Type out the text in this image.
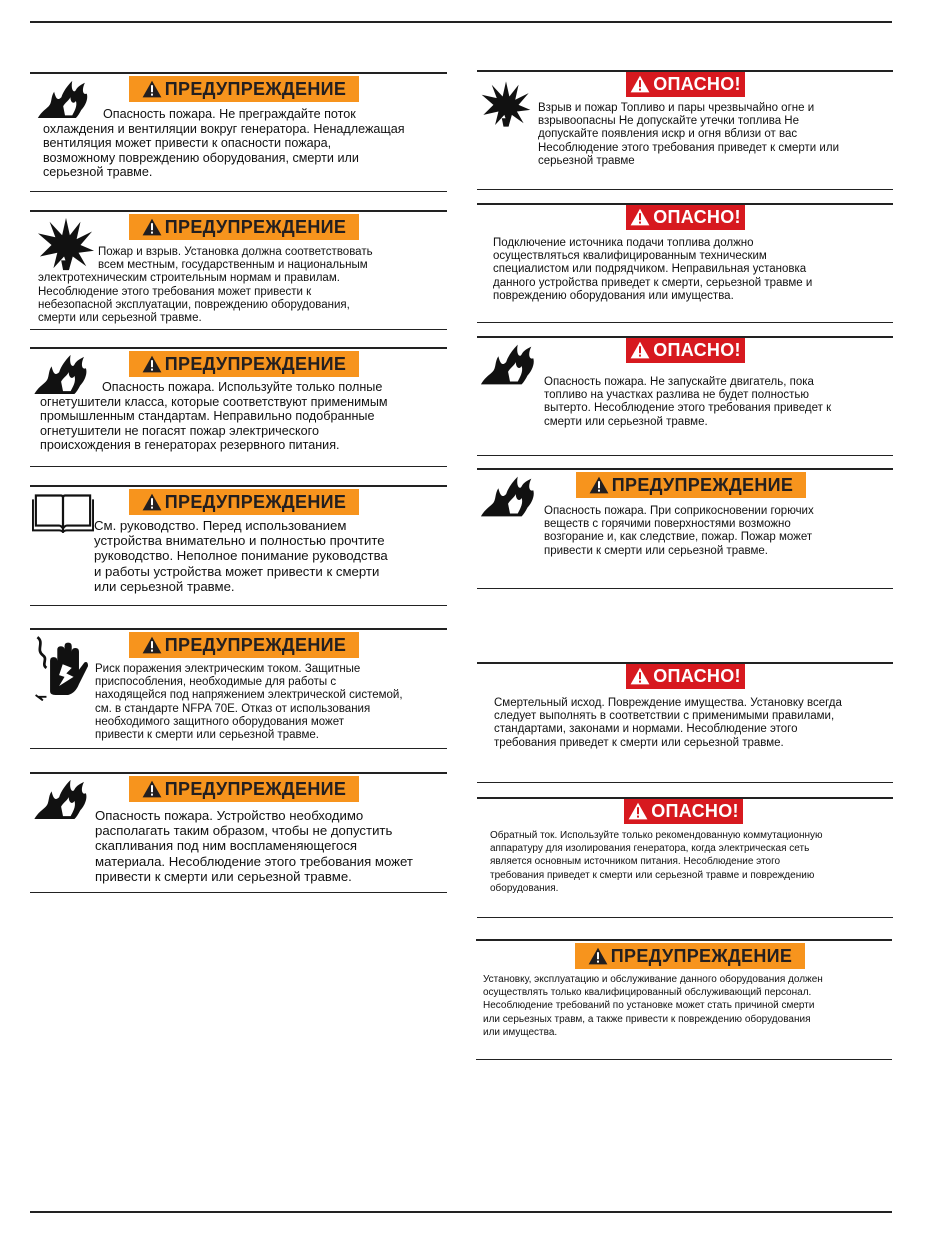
ПРЕДУПРЕЖДЕНИЕ
Опасность пожара. Не преграждайте поток
охлаждения и вентиляции вокруг генератора. Ненадлежащая
вентиляция может привести к опасности пожара,
возможному повреждению оборудования, смерти или
серьезной травме.
ПРЕДУПРЕЖДЕНИЕ
Пожар и взрыв. Установка должна соответствовать
всем местным, государственным и национальным
электротехническим строительным нормам и правилам.
Несоблюдение этого требования может привести к
небезопасной эксплуатации, повреждению оборудования,
смерти или серьезной травме.
ПРЕДУПРЕЖДЕНИЕ
Опасность пожара. Используйте только полные
огнетушители класса, которые соответствуют применимым
промышленным стандартам. Неправильно подобранные
огнетушители не погасят пожар электрического
происхождения в генераторах резервного питания.
ПРЕДУПРЕЖДЕНИЕ
См. руководство. Перед использованием
устройства внимательно и полностью прочтите
руководство. Неполное понимание руководства
и работы устройства может привести к смерти
или серьезной травме.
ПРЕДУПРЕЖДЕНИЕ
Риск поражения электрическим током. Защитные
приспособления, необходимые для работы с
находящейся под напряжением электрической системой,
см. в стандарте NFPA 70E. Отказ от использования
необходимого защитного оборудования может
привести к смерти или серьезной травме.
ПРЕДУПРЕЖДЕНИЕ
Опасность пожара. Устройство необходимо
располагать таким образом, чтобы не допустить
скапливания под ним воспламеняющегося
материала. Несоблюдение этого требования может
привести к смерти или серьезной травме.
ОПАСНО!
Взрыв и пожар Топливо и пары чрезвычайно огне и
взрывоопасны Не допускайте утечки топлива Не
допускайте появления искр и огня вблизи от вас
Несоблюдение этого требования приведет к смерти или
серьезной травме
ОПАСНО!
Подключение источника подачи топлива должно
осуществляться квалифицированным техническим
специалистом или подрядчиком. Неправильная установка
данного устройства приведет к смерти, серьезной травме и
повреждению оборудования или имущества.
ОПАСНО!
Опасность пожара. Не запускайте двигатель, пока
топливо на участках разлива не будет полностью
вытерто. Несоблюдение этого требования приведет к
смерти или серьезной травме.
ПРЕДУПРЕЖДЕНИЕ
Опасность пожара. При соприкосновении горючих
веществ с горячими поверхностями возможно
возгорание и, как следствие, пожар. Пожар может
привести к смерти или серьезной травме.
ОПАСНО!
Смертельный исход. Повреждение имущества. Установку всегда
следует выполнять в соответствии с применимыми правилами,
стандартами, законами и нормами. Несоблюдение этого
требования приведет к смерти или серьезной травме.
ОПАСНО!
Обратный ток. Используйте только рекомендованную коммутационную
аппаратуру для изолирования генератора, когда электрическая сеть
является основным источником питания. Несоблюдение этого
требования приведет к смерти или серьезной травме и повреждению
оборудования.
ПРЕДУПРЕЖДЕНИЕ
Установку, эксплуатацию и обслуживание данного оборудования должен
осуществлять только квалифицированный обслуживающий персонал.
Несоблюдение требований по установке может стать причиной смерти
или серьезных травм, а также привести к повреждению оборудования
или имущества.
